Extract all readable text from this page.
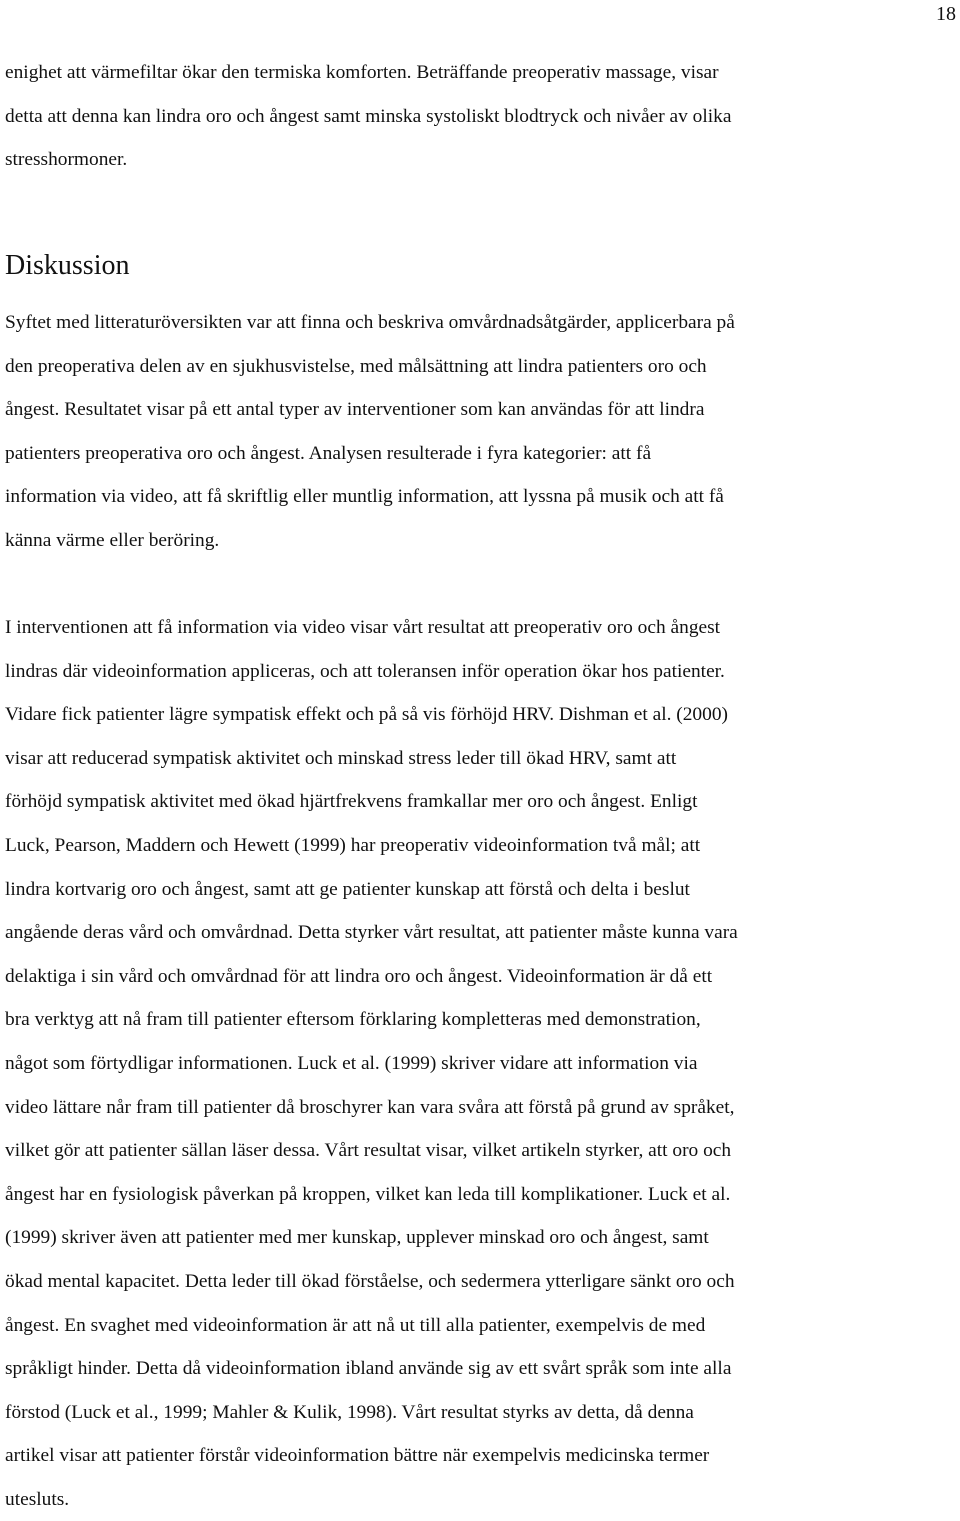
18

enighet att värmefiltar ökar den termiska komforten. Beträffande preoperativ massage, visar
detta att denna kan lindra oro och ångest samt minska systoliskt blodtryck och nivåer av olika
stresshormoner.

Diskussion

Syftet med litteraturöversikten var att finna och beskriva omvårdnadsåtgärder, applicerbara på
den preoperativa delen av en sjukhusvistelse, med målsättning att lindra patienters oro och
ångest. Resultatet visar på ett antal typer av interventioner som kan användas för att lindra
patienters preoperativa oro och ångest. Analysen resulterade i fyra kategorier: att få
information via video, att få skriftlig eller muntlig information, att lyssna på musik och att få
känna värme eller beröring.

I interventionen att få information via video visar vårt resultat att preoperativ oro och ångest
lindras där videoinformation appliceras, och att toleransen inför operation ökar hos patienter.
Vidare fick patienter lägre sympatisk effekt och på så vis förhöjd HRV. Dishman et al. (2000)
visar att reducerad sympatisk aktivitet och minskad stress leder till ökad HRV, samt att
förhöjd sympatisk aktivitet med ökad hjärtfrekvens framkallar mer oro och ångest. Enligt
Luck, Pearson, Maddern och Hewett (1999) har preoperativ videoinformation två mål; att
lindra kortvarig oro och ångest, samt att ge patienter kunskap att förstå och delta i beslut
angående deras vård och omvårdnad. Detta styrker vårt resultat, att patienter måste kunna vara
delaktiga i sin vård och omvårdnad för att lindra oro och ångest. Videoinformation är då ett
bra verktyg att nå fram till patienter eftersom förklaring kompletteras med demonstration,
något som förtydligar informationen. Luck et al. (1999) skriver vidare att information via
video lättare når fram till patienter då broschyrer kan vara svåra att förstå på grund av språket,
vilket gör att patienter sällan läser dessa. Vårt resultat visar, vilket artikeln styrker, att oro och
ångest har en fysiologisk påverkan på kroppen, vilket kan leda till komplikationer. Luck et al.
(1999) skriver även att patienter med mer kunskap, upplever minskad oro och ångest, samt
ökad mental kapacitet. Detta leder till ökad förståelse, och sedermera ytterligare sänkt oro och
ångest. En svaghet med videoinformation är att nå ut till alla patienter, exempelvis de med
språkligt hinder. Detta då videoinformation ibland använde sig av ett svårt språk som inte alla
förstod (Luck et al., 1999; Mahler & Kulik, 1998). Vårt resultat styrks av detta, då denna
artikel visar att patienter förstår videoinformation bättre när exempelvis medicinska termer
utesluts.
